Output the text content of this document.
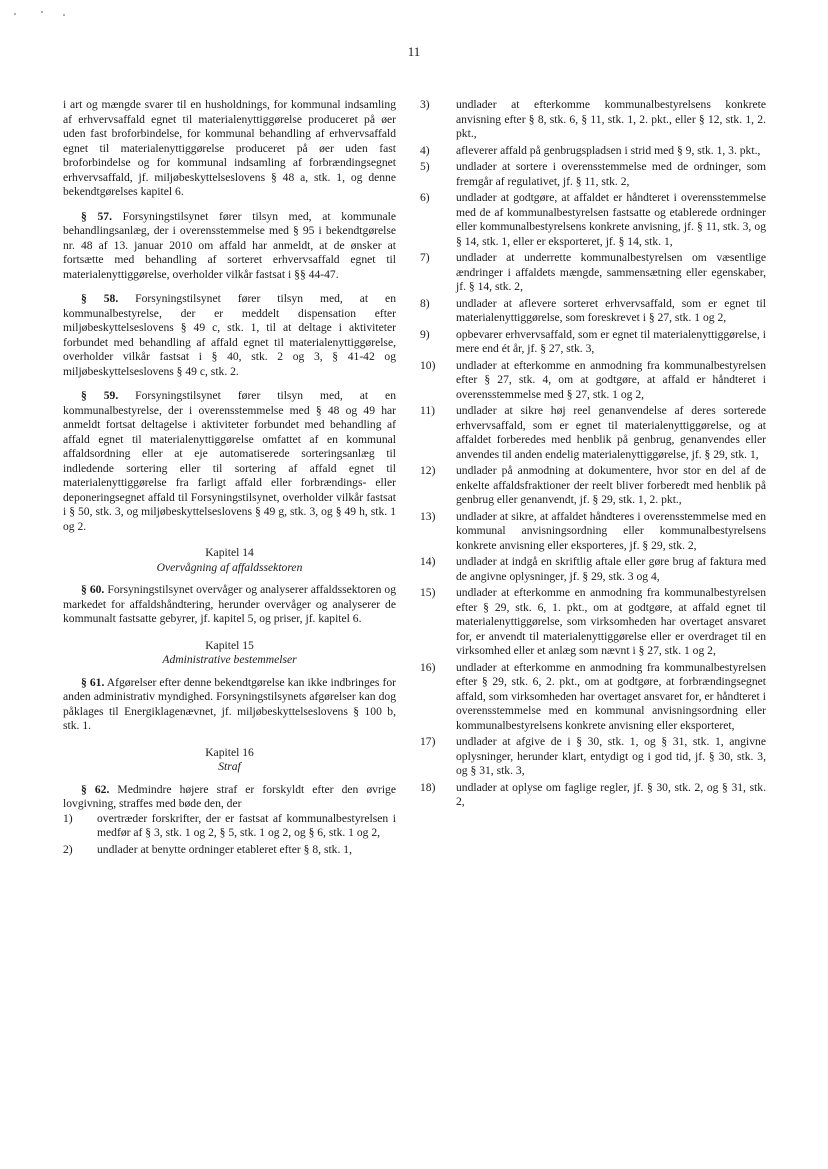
11

i art og mængde svarer til en husholdnings, for kommunal indsamling af erhvervsaffald egnet til materialenyttiggørelse produceret på øer uden fast broforbindelse, for kommunal behandling af erhvervsaffald egnet til materialenyttiggørelse produceret på øer uden fast broforbindelse og for kommunal indsamling af forbrændingsegnet erhvervsaffald, jf. miljøbeskyttelseslovens § 48 a, stk. 1, og denne bekendtgørelses kapitel 6.

§ 57. Forsyningstilsynet fører tilsyn med, at kommunale behandlingsanlæg, der i overensstemmelse med § 95 i bekendtgørelse nr. 48 af 13. januar 2010 om affald har anmeldt, at de ønsker at fortsætte med behandling af sorteret erhvervsaffald egnet til materialenyttiggørelse, overholder vilkår fastsat i §§ 44-47.

§ 58. Forsyningstilsynet fører tilsyn med, at en kommunalbestyrelse, der er meddelt dispensation efter miljøbeskyttelseslovens § 49 c, stk. 1, til at deltage i aktiviteter forbundet med behandling af affald egnet til materialenyttiggørelse, overholder vilkår fastsat i § 40, stk. 2 og 3, § 41-42 og miljøbeskyttelseslovens § 49 c, stk. 2.

§ 59. Forsyningstilsynet fører tilsyn med, at en kommunalbestyrelse, der i overensstemmelse med § 48 og 49 har anmeldt fortsat deltagelse i aktiviteter forbundet med behandling af affald egnet til materialenyttiggørelse omfattet af en kommunal affaldsordning eller at eje automatiserede sorteringsanlæg til indledende sortering eller til sortering af affald egnet til materialenyttiggørelse fra farligt affald eller forbrændings- eller deponeringsegnet affald til Forsyningstilsynet, overholder vilkår fastsat i § 50, stk. 3, og miljøbeskyttelseslovens § 49 g, stk. 3, og § 49 h, stk. 1 og 2.

Kapitel 14
Overvågning af affaldssektoren

§ 60. Forsyningstilsynet overvåger og analyserer affaldssektoren og markedet for affaldshåndtering, herunder overvåger og analyserer de kommunalt fastsatte gebyrer, jf. kapitel 5, og priser, jf. kapitel 6.

Kapitel 15
Administrative bestemmelser

§ 61. Afgørelser efter denne bekendtgørelse kan ikke indbringes for anden administrativ myndighed. Forsyningstilsynets afgørelser kan dog påklages til Energiklagenævnet, jf. miljøbeskyttelseslovens § 100 b, stk. 1.

Kapitel 16
Straf

§ 62. Medmindre højere straf er forskyldt efter den øvrige lovgivning, straffes med bøde den, der

1)	overtræder forskrifter, der er fastsat af kommunalbestyrelsen i medfør af § 3, stk. 1 og 2, § 5, stk. 1 og 2, og § 6, stk. 1 og 2,
2)	undlader at benytte ordninger etableret efter § 8, stk. 1,
3)	undlader at efterkomme kommunalbestyrelsens konkrete anvisning efter § 8, stk. 6, § 11, stk. 1, 2. pkt., eller § 12, stk. 1, 2. pkt.,
4)	afleverer affald på genbrugspladsen i strid med § 9, stk. 1, 3. pkt.,
5)	undlader at sortere i overensstemmelse med de ordninger, som fremgår af regulativet, jf. § 11, stk. 2,
6)	undlader at godtgøre, at affaldet er håndteret i overensstemmelse med de af kommunalbestyrelsen fastsatte og etablerede ordninger eller kommunalbestyrelsens konkrete anvisning, jf. § 11, stk. 3, og § 14, stk. 1, eller er eksporteret, jf. § 14, stk. 1,
7)	undlader at underrette kommunalbestyrelsen om væsentlige ændringer i affaldets mængde, sammensætning eller egenskaber, jf. § 14, stk. 2,
8)	undlader at aflevere sorteret erhvervsaffald, som er egnet til materialenyttiggørelse, som foreskrevet i § 27, stk. 1 og 2,
9)	opbevarer erhvervsaffald, som er egnet til materialenyttiggørelse, i mere end ét år, jf. § 27, stk. 3,
10)	undlader at efterkomme en anmodning fra kommunalbestyrelsen efter § 27, stk. 4, om at godtgøre, at affald er håndteret i overensstemmelse med § 27, stk. 1 og 2,
11)	undlader at sikre høj reel genanvendelse af deres sorterede erhvervsaffald, som er egnet til materialenyttiggørelse, og at affaldet forberedes med henblik på genbrug, genanvendes eller anvendes til anden endelig materialenyttiggørelse, jf. § 29, stk. 1,
12)	undlader på anmodning at dokumentere, hvor stor en del af de enkelte affaldsfraktioner der reelt bliver forberedt med henblik på genbrug eller genanvendt, jf. § 29, stk. 1, 2. pkt.,
13)	undlader at sikre, at affaldet håndteres i overensstemmelse med en kommunal anvisningsordning eller kommunalbestyrelsens konkrete anvisning eller eksporteres, jf. § 29, stk. 2,
14)	undlader at indgå en skriftlig aftale eller gøre brug af faktura med de angivne oplysninger, jf. § 29, stk. 3 og 4,
15)	undlader at efterkomme en anmodning fra kommunalbestyrelsen efter § 29, stk. 6, 1. pkt., om at godtgøre, at affald egnet til materialenyttiggørelse, som virksomheden har overtaget ansvaret for, er anvendt til materialenyttiggørelse eller er overdraget til en virksomhed eller et anlæg som nævnt i § 27, stk. 1 og 2,
16)	undlader at efterkomme en anmodning fra kommunalbestyrelsen efter § 29, stk. 6, 2. pkt., om at godtgøre, at forbrændingsegnet affald, som virksomheden har overtaget ansvaret for, er håndteret i overensstemmelse med en kommunal anvisningsordning eller kommunalbestyrelsens konkrete anvisning eller eksporteret,
17)	undlader at afgive de i § 30, stk. 1, og § 31, stk. 1, angivne oplysninger, herunder klart, entydigt og i god tid, jf. § 30, stk. 3, og § 31, stk. 3,
18)	undlader at oplyse om faglige regler, jf. § 30, stk. 2, og § 31, stk. 2,
